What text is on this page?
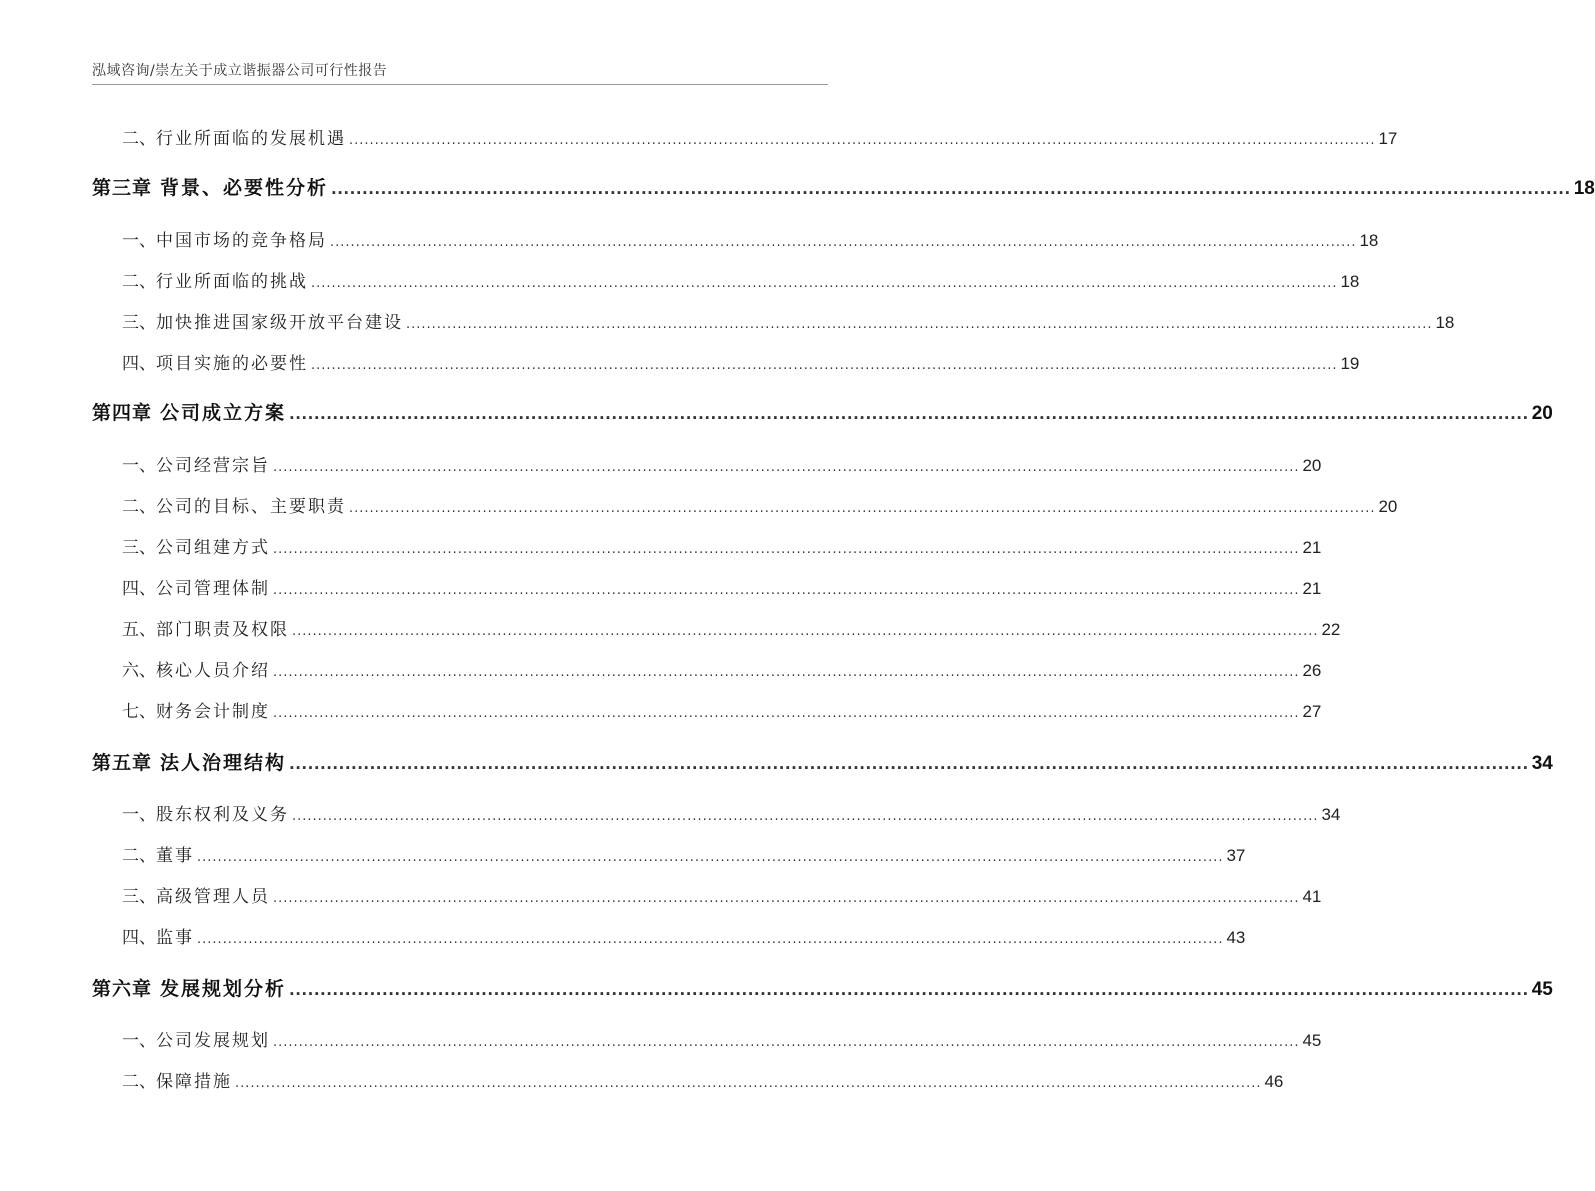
泓域咨询/崇左关于成立谐振器公司可行性报告
二、 行业所面临的发展机遇 ........................................................................................................................................................................................................ 17
第三章 背景、必要性分析 ........................................................................................................................................................................................................ 18
一、 中国市场的竞争格局 ........................................................................................................................................................................................................ 18
二、 行业所面临的挑战 ........................................................................................................................................................................................................ 18
三、 加快推进国家级开放平台建设 ........................................................................................................................................................................................................ 18
四、 项目实施的必要性 ........................................................................................................................................................................................................ 19
第四章 公司成立方案 ........................................................................................................................................................................................................ 20
一、 公司经营宗旨 ........................................................................................................................................................................................................ 20
二、 公司的目标、主要职责 ........................................................................................................................................................................................................ 20
三、 公司组建方式 ........................................................................................................................................................................................................ 21
四、 公司管理体制 ........................................................................................................................................................................................................ 21
五、 部门职责及权限 ........................................................................................................................................................................................................ 22
六、 核心人员介绍 ........................................................................................................................................................................................................ 26
七、 财务会计制度 ........................................................................................................................................................................................................ 27
第五章 法人治理结构 ........................................................................................................................................................................................................ 34
一、 股东权利及义务 ........................................................................................................................................................................................................ 34
二、 董事 ........................................................................................................................................................................................................ 37
三、 高级管理人员 ........................................................................................................................................................................................................ 41
四、 监事 ........................................................................................................................................................................................................ 43
第六章 发展规划分析 ........................................................................................................................................................................................................ 45
一、 公司发展规划 ........................................................................................................................................................................................................ 45
二、 保障措施 ........................................................................................................................................................................................................ 46
